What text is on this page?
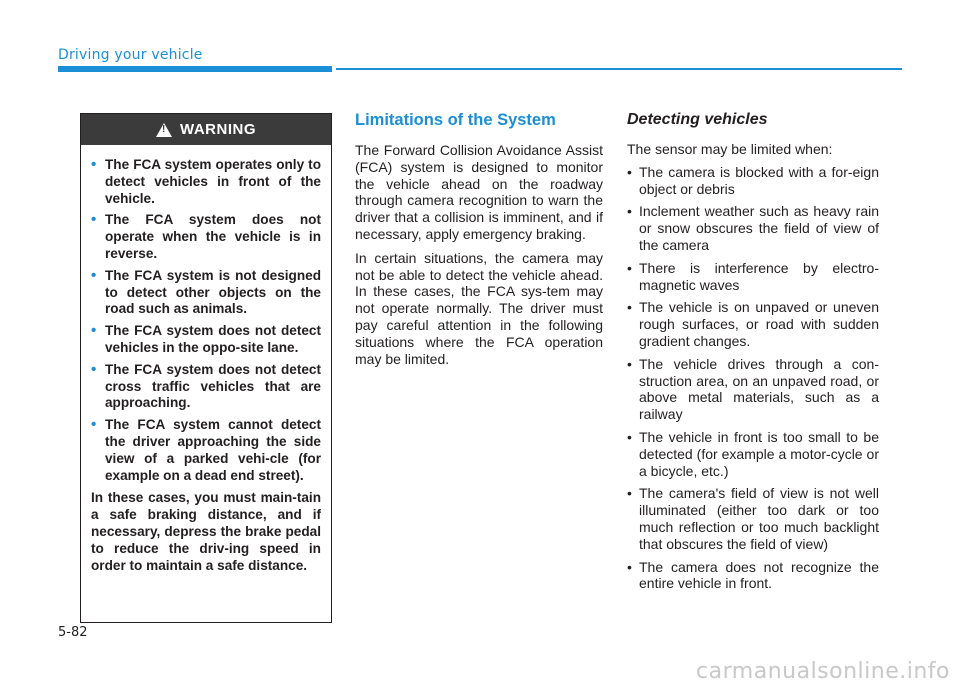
Driving your vehicle
!
WARNING
• The FCA system operates only to detect vehicles in front of the vehicle.
• The FCA system does not operate when the vehicle is in reverse.
• The FCA system is not designed to detect other objects on the road such as animals.
• The FCA system does not detect vehicles in the oppo-site lane.
• The FCA system does not detect cross traffic vehicles that are approaching.
• The FCA system cannot detect the driver approaching the side view of a parked vehi-cle (for example on a dead end street).

In these cases, you must main-tain a safe braking distance, and if necessary, depress the brake pedal to reduce the driv-ing speed in order to maintain a safe distance.

Limitations of the System

The Forward Collision Avoidance Assist (FCA) system is designed to monitor the vehicle ahead on the roadway through camera recognition to warn the driver that a collision is imminent, and if necessary, apply emergency braking.

In certain situations, the camera may not be able to detect the vehicle ahead. In these cases, the FCA sys-tem may not operate normally. The driver must pay careful attention in the following situations where the FCA operation may be limited.

Detecting vehicles

The sensor may be limited when:

• The camera is blocked with a for-eign object or debris
• Inclement weather such as heavy rain or snow obscures the field of view of the camera
• There is interference by electro-magnetic waves
• The vehicle is on unpaved or uneven rough surfaces, or road with sudden gradient changes.
• The vehicle drives through a con-struction area, on an unpaved road, or above metal materials, such as a railway
• The vehicle in front is too small to be detected (for example a motor-cycle or a bicycle, etc.)
• The camera's field of view is not well illuminated (either too dark or too much reflection or too much backlight that obscures the field of view)
• The camera does not recognize the entire vehicle in front.
5-82
carmanualsonline.info
